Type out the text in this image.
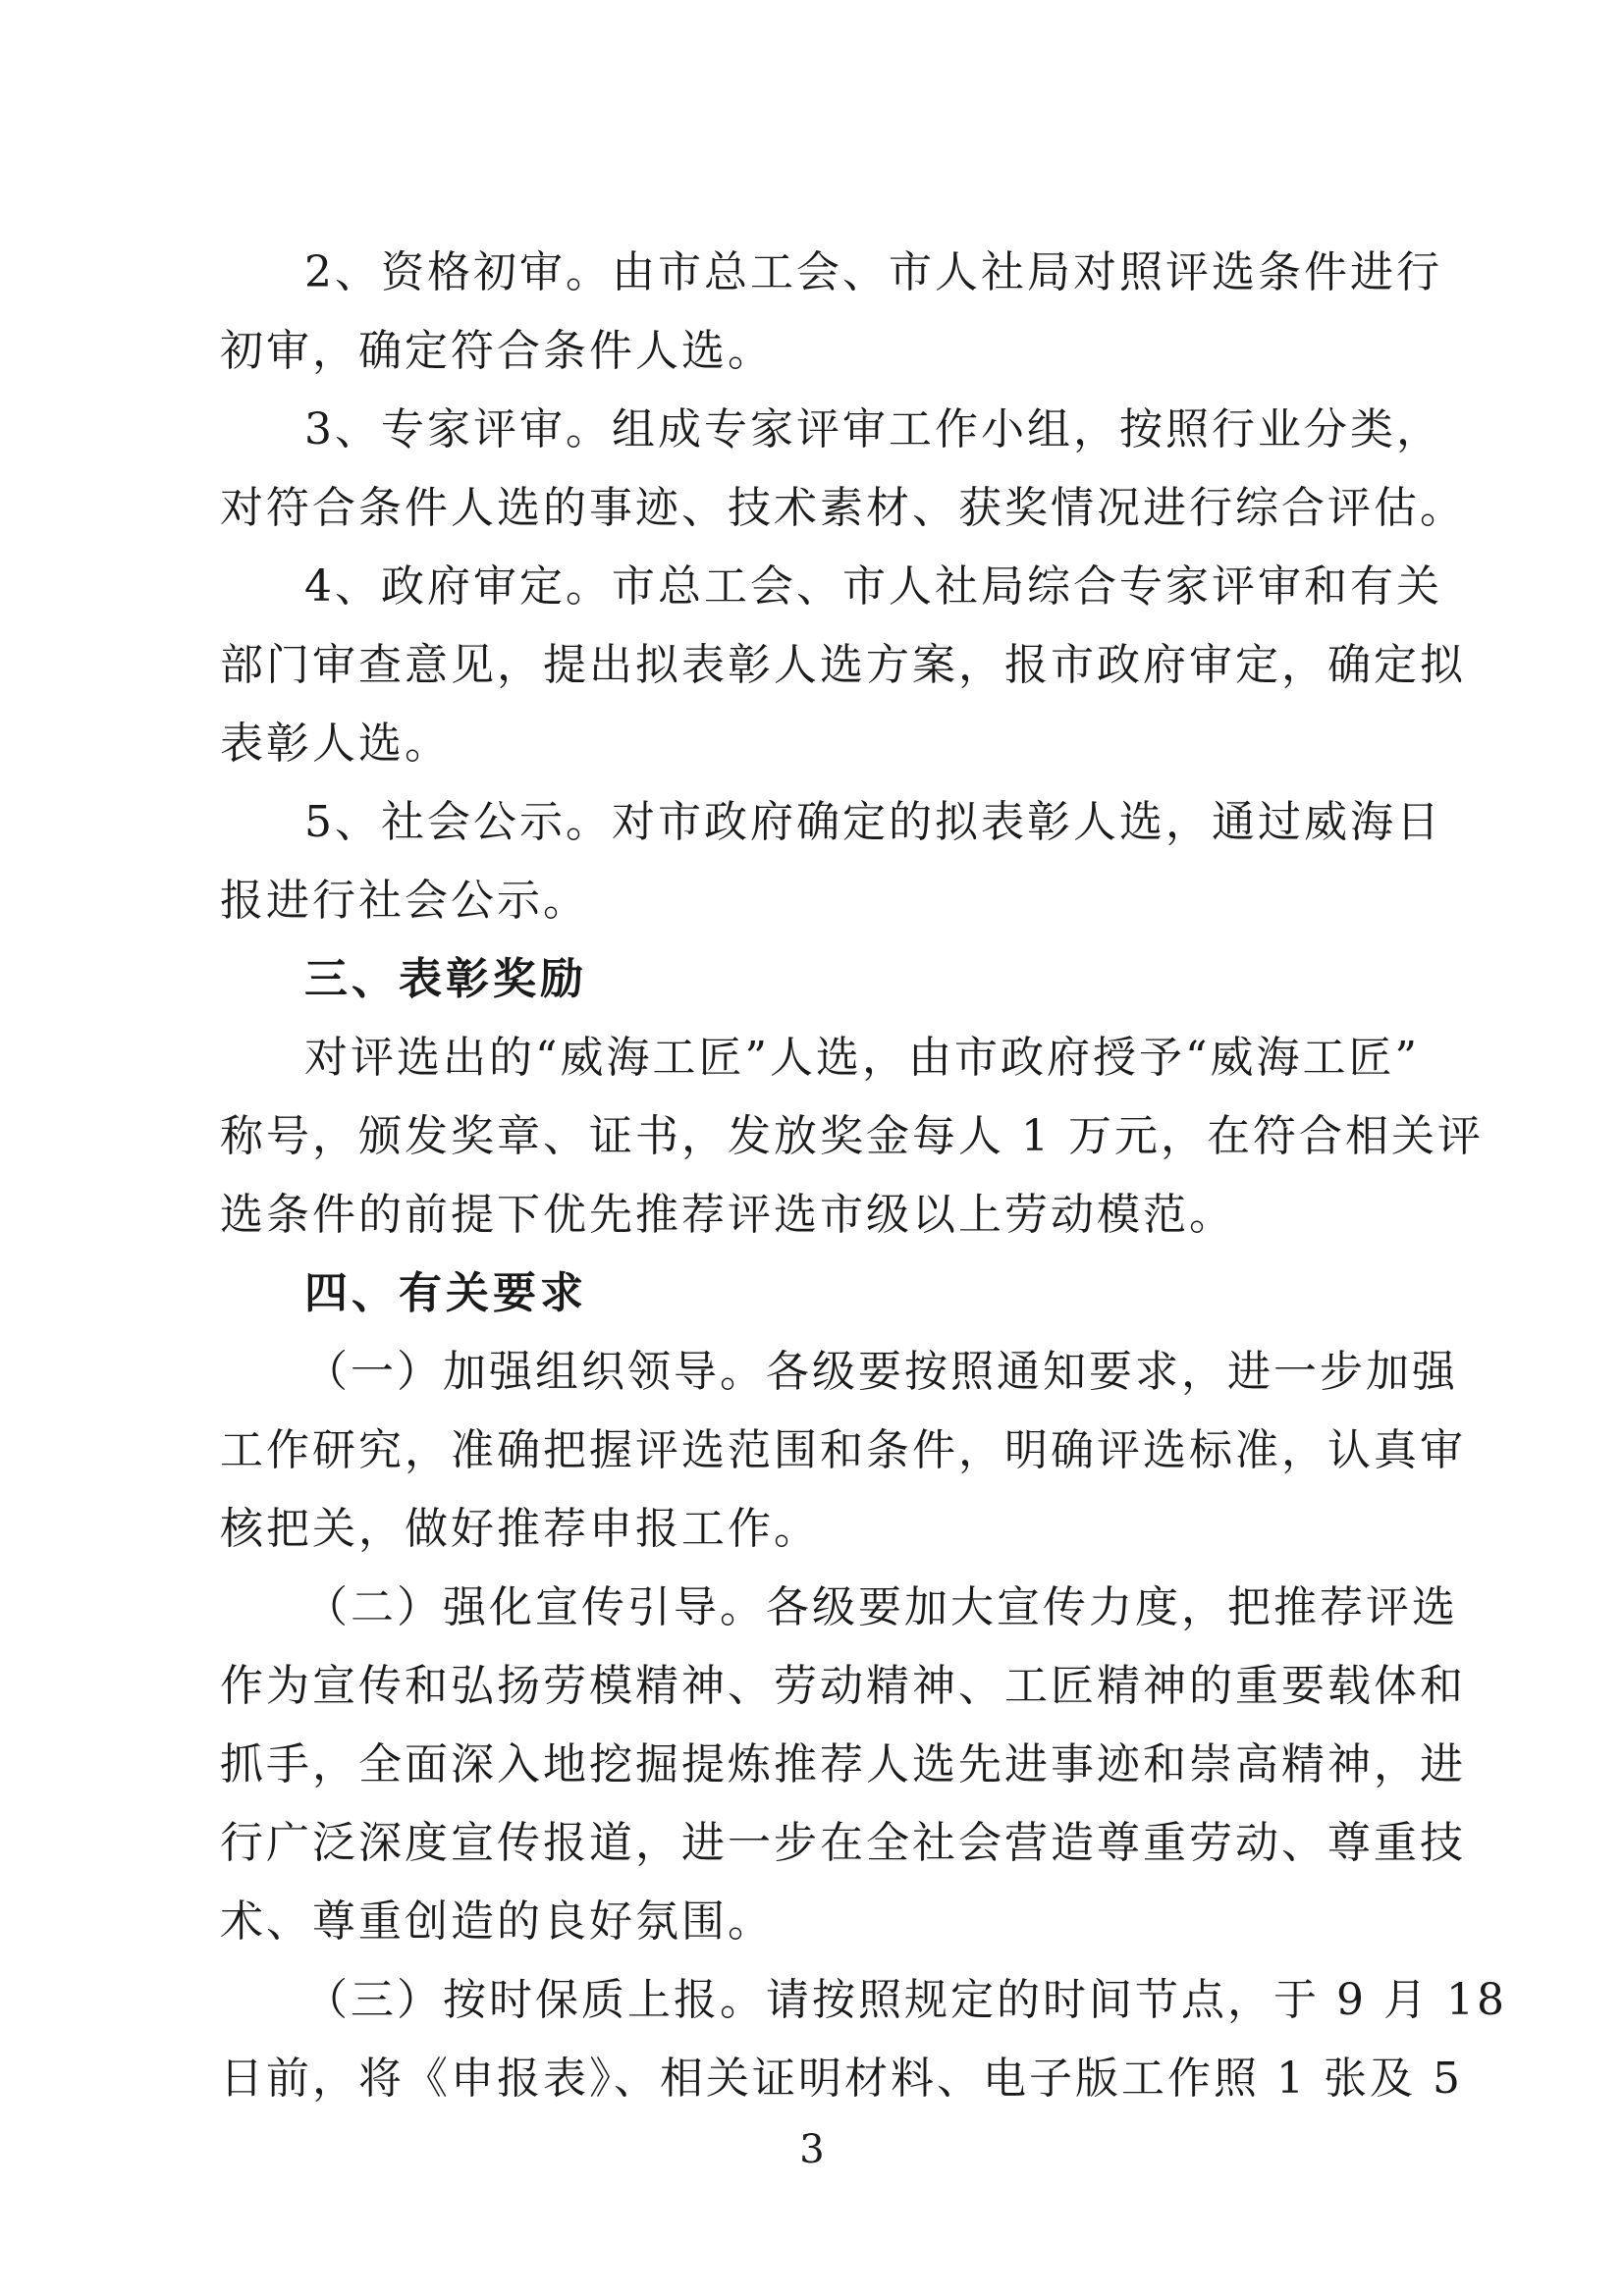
2、资格初审。由市总工会、市人社局对照评选条件进行
初审，确定符合条件人选。
3、专家评审。组成专家评审工作小组，按照行业分类，
对符合条件人选的事迹、技术素材、获奖情况进行综合评估。
4、政府审定。市总工会、市人社局综合专家评审和有关
部门审查意见，提出拟表彰人选方案，报市政府审定，确定拟
表彰人选。
5、社会公示。对市政府确定的拟表彰人选，通过威海日
报进行社会公示。
三、表彰奖励
对评选出的“威海工匠”人选，由市政府授予“威海工匠”
称号，颁发奖章、证书，发放奖金每人 1 万元，在符合相关评
选条件的前提下优先推荐评选市级以上劳动模范。
四、有关要求
（一）加强组织领导。各级要按照通知要求，进一步加强
工作研究，准确把握评选范围和条件，明确评选标准，认真审
核把关，做好推荐申报工作。
（二）强化宣传引导。各级要加大宣传力度，把推荐评选
作为宣传和弘扬劳模精神、劳动精神、工匠精神的重要载体和
抓手，全面深入地挖掘提炼推荐人选先进事迹和崇高精神，进
行广泛深度宣传报道，进一步在全社会营造尊重劳动、尊重技
术、尊重创造的良好氛围。
（三）按时保质上报。请按照规定的时间节点，于 9 月 18
日前，将《申报表》、相关证明材料、电子版工作照 1 张及 5
3
